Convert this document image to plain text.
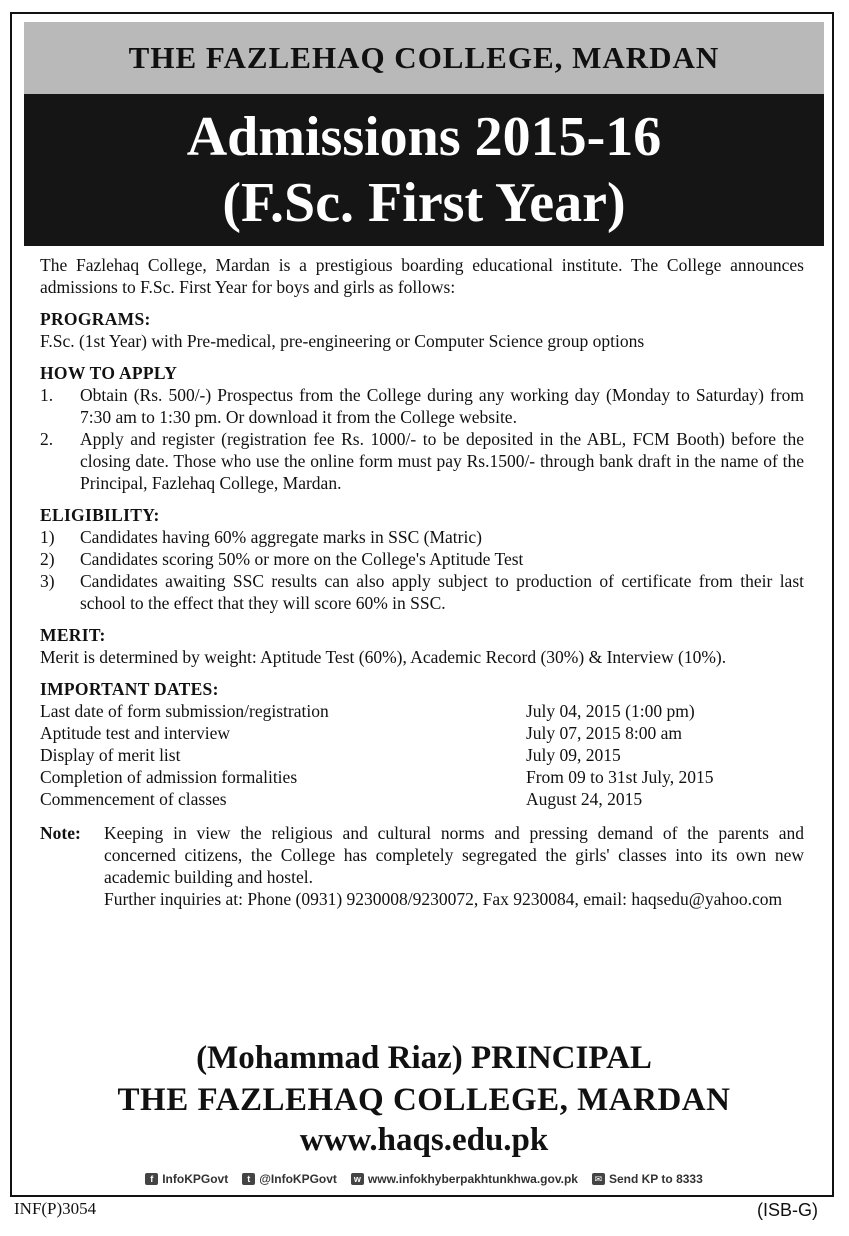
THE FAZLEHAQ COLLEGE, MARDAN
Admissions 2015-16
(F.Sc. First Year)

The Fazlehaq College, Mardan is a prestigious boarding educational institute. The College announces admissions to F.Sc. First Year for boys and girls as follows:

PROGRAMS:
F.Sc. (1st Year) with Pre-medical, pre-engineering or Computer Science group options
HOW TO APPLY
1.	Obtain (Rs. 500/-) Prospectus from the College during any working day (Monday to Saturday) from 7:30 am to 1:30 pm. Or download it from the College website.
2.	Apply and register (registration fee Rs. 1000/- to be deposited in the ABL, FCM Booth) before the closing date. Those who use the online form must pay Rs.1500/- through bank draft in the name of the Principal, Fazlehaq College, Mardan.
ELIGIBILITY:
1)	Candidates having 60% aggregate marks in SSC (Matric)
2)	Candidates scoring 50% or more on the College's Aptitude Test
3)	Candidates awaiting SSC results can also apply subject to production of certificate from their last school to the effect that they will score 60% in SSC.
MERIT:

Merit is determined by weight: Aptitude Test (60%), Academic Record (30%) & Interview (10%).

IMPORTANT DATES:
Last date of form submission/registration	July 04, 2015 (1:00 pm)
Aptitude test and interview	July 07, 2015 8:00 am
Display of merit list	July 09, 2015
Completion of admission formalities	From 09 to 31st July, 2015
Commencement of classes	August 24, 2015
Note:	Keeping in view the religious and cultural norms and pressing demand of the parents and concerned citizens, the College has completely segregated the girls' classes into its own new academic building and hostel.
Further inquiries at: Phone (0931) 9230008/9230072, Fax 9230084, email: haqsedu@yahoo.com
(Mohammad Riaz) PRINCIPAL
THE FAZLEHAQ COLLEGE, MARDAN
www.haqs.edu.pk
f InfoKPGovt	t @InfoKPGovt	w www.infokhyberpakhtunkhwa.gov.pk	✉ Send KP to 8333
INF(P)3054	(ISB-G)
